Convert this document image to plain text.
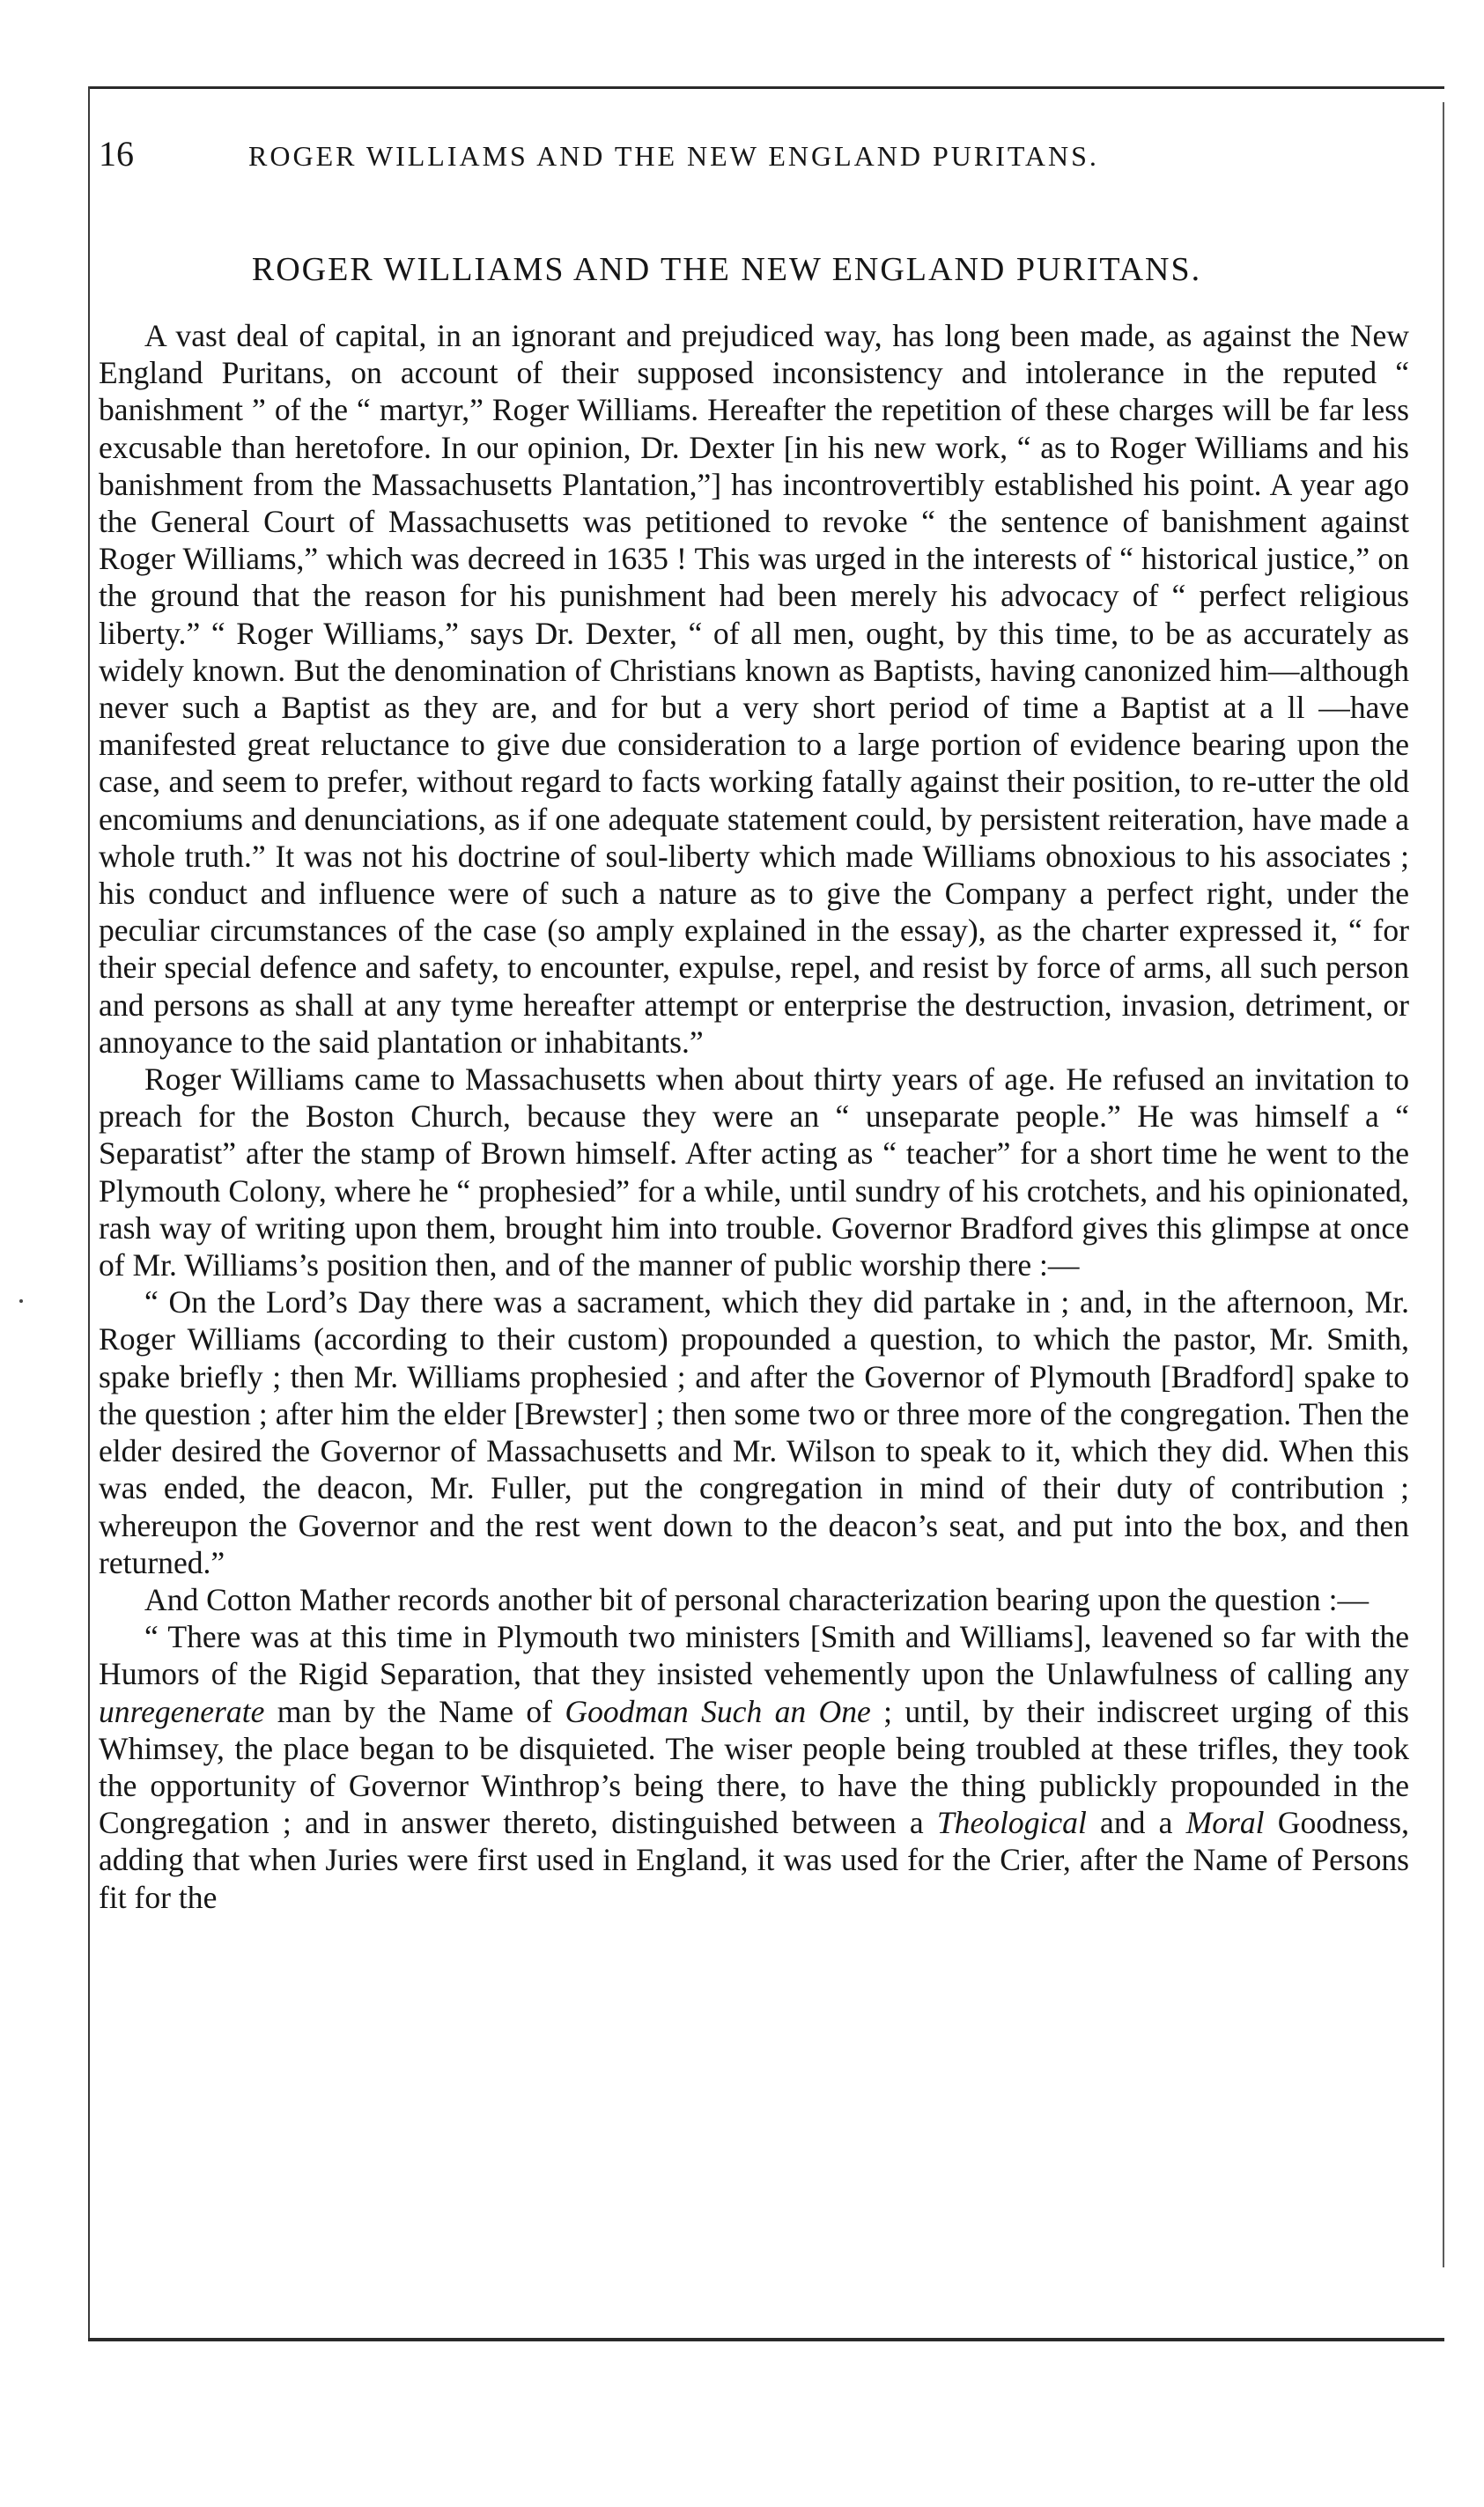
16	ROGER WILLIAMS AND THE NEW ENGLAND PURITANS.
ROGER WILLIAMS AND THE NEW ENGLAND PURITANS.

A vast deal of capital, in an ignorant and prejudiced way, has long been made, as against the New England Puritans, on account of their supposed inconsistency and intolerance in the reputed “ banishment ” of the “ martyr,” Roger Williams. Hereafter the repetition of these charges will be far less excusable than heretofore. In our opinion, Dr. Dexter [in his new work, “ as to Roger Williams and his banishment from the Massachusetts Plantation,”] has incontrovertibly established his point. A year ago the General Court of Massachusetts was petitioned to revoke “ the sentence of banishment against Roger Williams,” which was decreed in 1635 ! This was urged in the interests of “ historical justice,” on the ground that the reason for his punishment had been merely his advocacy of “ perfect religious liberty.” “ Roger Williams,” says Dr. Dexter, “ of all men, ought, by this time, to be as accurately as widely known. But the denomination of Christians known as Baptists, having canonized him—although never such a Baptist as they are, and for but a very short period of time a Baptist at a ll —have manifested great reluctance to give due consideration to a large portion of evidence bearing upon the case, and seem to prefer, without regard to facts working fatally against their position, to re-utter the old encomiums and denunciations, as if one adequate statement could, by persistent reiteration, have made a whole truth.” It was not his doctrine of soul-liberty which made Williams obnoxious to his associates ; his conduct and influence were of such a nature as to give the Company a perfect right, under the peculiar circumstances of the case (so amply explained in the essay), as the charter expressed it, “ for their special defence and safety, to encounter, expulse, repel, and resist by force of arms, all such person and persons as shall at any tyme hereafter attempt or enterprise the destruction, invasion, detriment, or annoyance to the said plantation or inhabitants.”

Roger Williams came to Massachusetts when about thirty years of age. He refused an invitation to preach for the Boston Church, because they were an “ unseparate people.” He was himself a “ Separatist” after the stamp of Brown himself. After acting as “ teacher” for a short time he went to the Plymouth Colony, where he “ prophesied” for a while, until sundry of his crotchets, and his opinionated, rash way of writing upon them, brought him into trouble. Governor Bradford gives this glimpse at once of Mr. Williams’s position then, and of the manner of public worship there :—

“ On the Lord’s Day there was a sacrament, which they did partake in ; and, in the afternoon, Mr. Roger Williams (according to their custom) propounded a question, to which the pastor, Mr. Smith, spake briefly ; then Mr. Williams prophesied ; and after the Governor of Plymouth [Bradford] spake to the question ; after him the elder [Brewster] ; then some two or three more of the congregation. Then the elder desired the Governor of Massachusetts and Mr. Wilson to speak to it, which they did. When this was ended, the deacon, Mr. Fuller, put the congregation in mind of their duty of contribution ; whereupon the Governor and the rest went down to the deacon’s seat, and put into the box, and then returned.”

And Cotton Mather records another bit of personal characterization bearing upon the question :—

“ There was at this time in Plymouth two ministers [Smith and Williams], leavened so far with the Humors of the Rigid Separation, that they insisted vehemently upon the Unlawfulness of calling any unregenerate man by the Name of Goodman Such an One ; until, by their indiscreet urging of this Whimsey, the place began to be disquieted. The wiser people being troubled at these trifles, they took the opportunity of Governor Winthrop’s being there, to have the thing publickly propounded in the Congregation ; and in answer thereto, distinguished between a Theological and a Moral Goodness, adding that when Juries were first used in England, it was used for the Crier, after the Name of Persons fit for the
